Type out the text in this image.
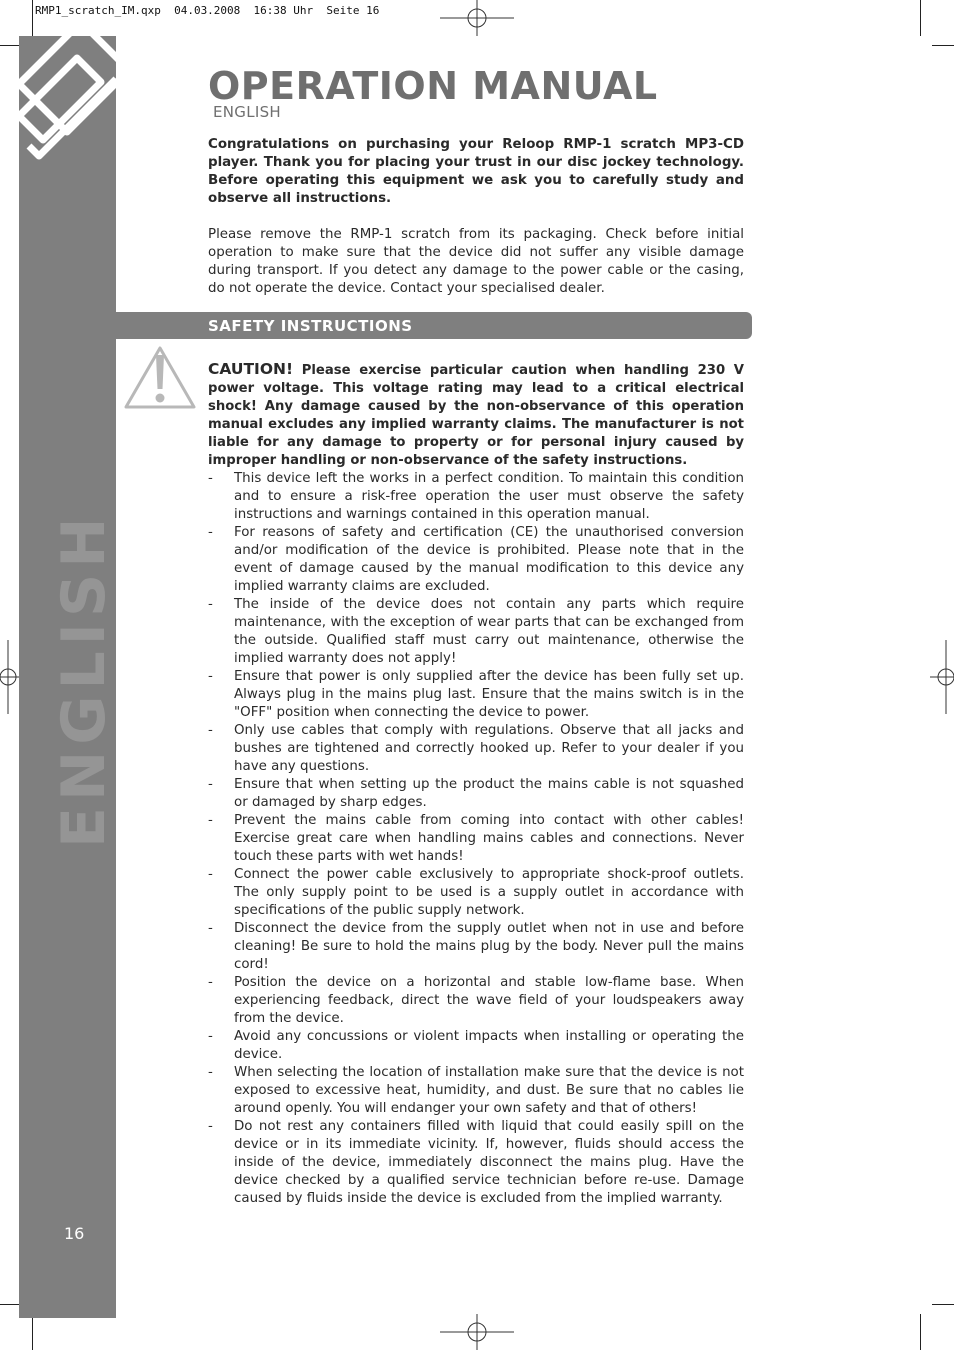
RMP1_scratch_IM.qxp  04.03.2008  16:38 Uhr  Seite 16
ENGLISH
16
OPERATION MANUAL
ENGLISH

Congratulations on purchasing your Reloop RMP-1 scratch MP3-CD player. Thank you for placing your trust in our disc jockey technology. Before operating this equipment we ask you to carefully study and observe all instructions.

Please remove the RMP-1 scratch from its packaging. Check before initial operation to make sure that the device did not suffer any visible damage during transport. If you detect any damage to the power cable or the casing, do not operate the device. Contact your specialised dealer.

SAFETY INSTRUCTIONS

CAUTION! Please exercise particular caution when handling 230 V power voltage. This voltage rating may lead to a critical electrical shock! Any damage caused by the non-observance of this operation manual excludes any implied warranty claims. The manufacturer is not liable for any damage to property or for personal injury caused by improper handling or non-observance of the safety instructions.

- This device left the works in a perfect condition. To maintain this condition and to ensure a risk-free operation the user must observe the safety instructions and warnings contained in this operation manual.
- For reasons of safety and certification (CE) the unauthorised conversion and/or modification of the device is prohibited. Please note that in the event of damage caused by the manual modification to this device any implied warranty claims are excluded.
- The inside of the device does not contain any parts which require maintenance, with the exception of wear parts that can be exchanged from the outside. Qualified staff must carry out maintenance, otherwise the implied warranty does not apply!
- Ensure that power is only supplied after the device has been fully set up. Always plug in the mains plug last. Ensure that the mains switch is in the "OFF" position when connecting the device to power.
- Only use cables that comply with regulations. Observe that all jacks and bushes are tightened and correctly hooked up. Refer to your dealer if you have any questions.
- Ensure that when setting up the product the mains cable is not squashed or damaged by sharp edges.
- Prevent the mains cable from coming into contact with other cables! Exercise great care when handling mains cables and connections. Never touch these parts with wet hands!
- Connect the power cable exclusively to appropriate shock-proof outlets. The only supply point to be used is a supply outlet in accordance with specifications of the public supply network.
- Disconnect the device from the supply outlet when not in use and before cleaning! Be sure to hold the mains plug by the body. Never pull the mains cord!
- Position the device on a horizontal and stable low-flame base. When experiencing feedback, direct the wave field of your loudspeakers away from the device.
- Avoid any concussions or violent impacts when installing or operating the device.
- When selecting the location of installation make sure that the device is not exposed to excessive heat, humidity, and dust. Be sure that no cables lie around openly. You will endanger your own safety and that of others!
- Do not rest any containers filled with liquid that could easily spill on the device or in its immediate vicinity. If, however, fluids should access the inside of the device, immediately disconnect the mains plug. Have the device checked by a qualified service technician before re-use. Damage caused by fluids inside the device is excluded from the implied warranty.
